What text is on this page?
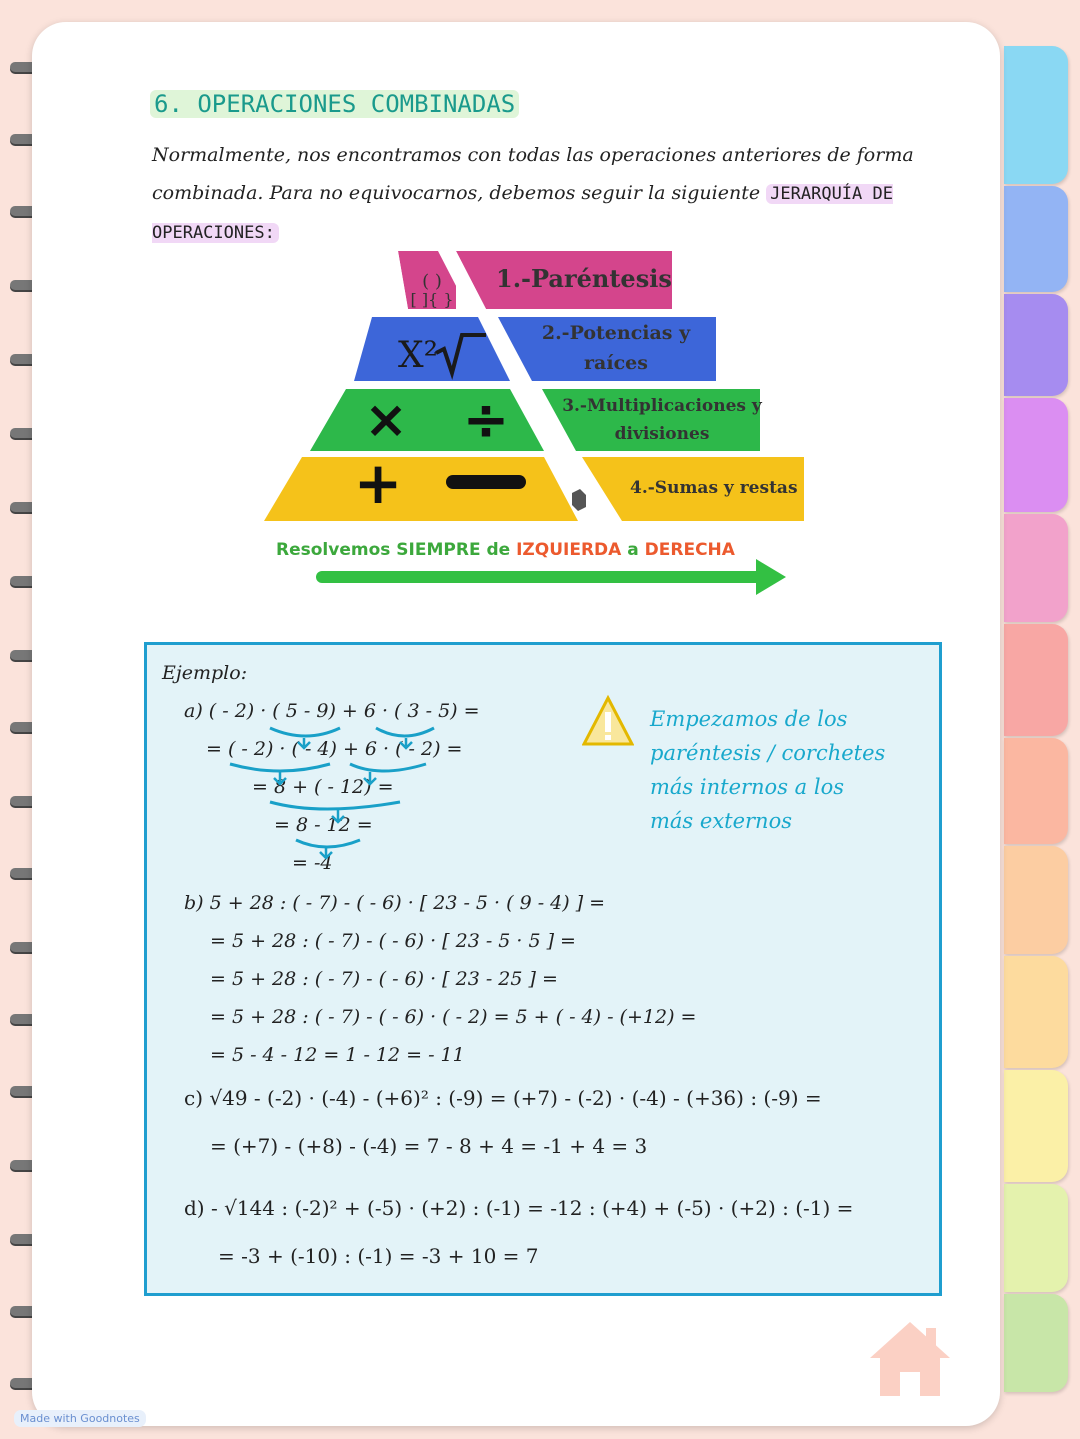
6. OPERACIONES COMBINADAS
Normalmente, nos encontramos con todas las operaciones anteriores de forma combinada. Para no equivocarnos, debemos seguir la siguiente JERARQUÍA DE OPERACIONES:
( )
[ ]{ }
1.-Paréntesis
X²
2.-Potencias y
raíces
× ÷	3.-Multiplicaciones y
divisiones
+	4.-Sumas y restas
Resolvemos SIEMPRE de IZQUIERDA a DERECHA
Ejemplo:
a) ( - 2) · ( 5 - 9) + 6 · ( 3 - 5) =
= ( - 2) · ( - 4) + 6 · ( - 2) =
= 8 + ( - 12) =
= 8 - 12 =
= -4
Empezamos de los
paréntesis / corchetes
más internos a los
más externos
b) 5 + 28 : ( - 7) - ( - 6) · [ 23 - 5 · ( 9 - 4) ] =
= 5 + 28 : ( - 7) - ( - 6) · [ 23 - 5 · 5 ] =
= 5 + 28 : ( - 7) - ( - 6) · [ 23 - 25 ] =
= 5 + 28 : ( - 7) - ( - 6) · ( - 2) = 5 + ( - 4) - (+12) =
= 5 - 4 - 12 = 1 - 12 = - 11
c) √49 - (-2) · (-4) - (+6)² : (-9) = (+7) - (-2) · (-4) - (+36) : (-9) =
= (+7) - (+8) - (-4) = 7 - 8 + 4 = -1 + 4 = 3
d) - √144 : (-2)² + (-5) · (+2) : (-1) = -12 : (+4) + (-5) · (+2) : (-1) =
= -3 + (-10) : (-1) = -3 + 10 = 7
Made with Goodnotes
